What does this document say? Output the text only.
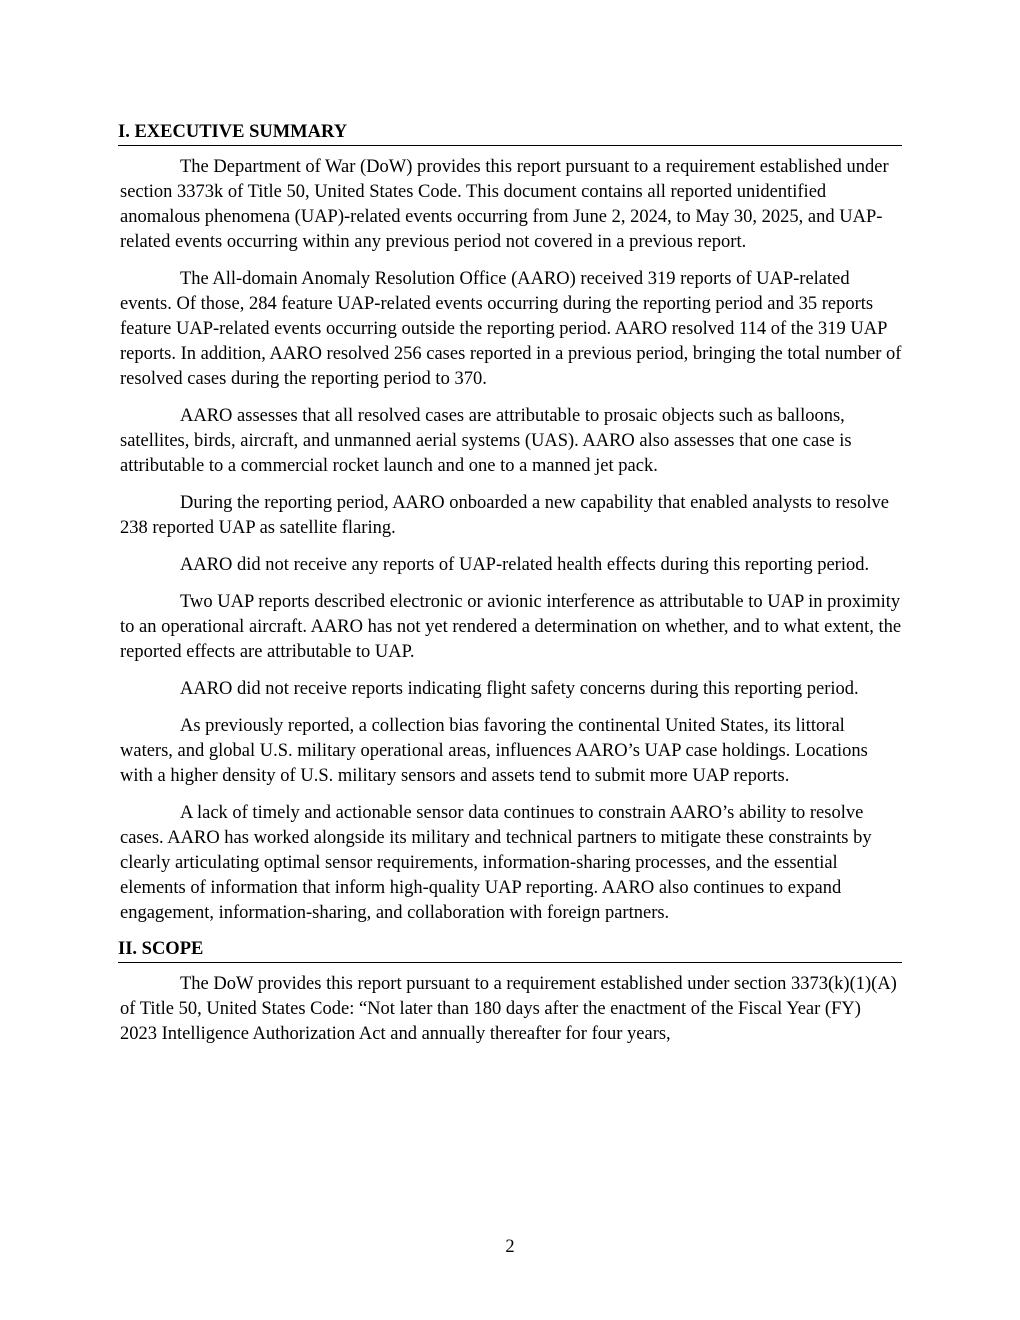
I. EXECUTIVE SUMMARY

The Department of War (DoW) provides this report pursuant to a requirement established under section 3373k of Title 50, United States Code. This document contains all reported unidentified anomalous phenomena (UAP)-related events occurring from June 2, 2024, to May 30, 2025, and UAP-related events occurring within any previous period not covered in a previous report.

The All-domain Anomaly Resolution Office (AARO) received 319 reports of UAP-related events. Of those, 284 feature UAP-related events occurring during the reporting period and 35 reports feature UAP-related events occurring outside the reporting period. AARO resolved 114 of the 319 UAP reports. In addition, AARO resolved 256 cases reported in a previous period, bringing the total number of resolved cases during the reporting period to 370.

AARO assesses that all resolved cases are attributable to prosaic objects such as balloons, satellites, birds, aircraft, and unmanned aerial systems (UAS). AARO also assesses that one case is attributable to a commercial rocket launch and one to a manned jet pack.

During the reporting period, AARO onboarded a new capability that enabled analysts to resolve 238 reported UAP as satellite flaring.

AARO did not receive any reports of UAP-related health effects during this reporting period.

Two UAP reports described electronic or avionic interference as attributable to UAP in proximity to an operational aircraft. AARO has not yet rendered a determination on whether, and to what extent, the reported effects are attributable to UAP.

AARO did not receive reports indicating flight safety concerns during this reporting period.

As previously reported, a collection bias favoring the continental United States, its littoral waters, and global U.S. military operational areas, influences AARO’s UAP case holdings. Locations with a higher density of U.S. military sensors and assets tend to submit more UAP reports.

A lack of timely and actionable sensor data continues to constrain AARO’s ability to resolve cases. AARO has worked alongside its military and technical partners to mitigate these constraints by clearly articulating optimal sensor requirements, information-sharing processes, and the essential elements of information that inform high-quality UAP reporting. AARO also continues to expand engagement, information-sharing, and collaboration with foreign partners.

II. SCOPE

The DoW provides this report pursuant to a requirement established under section 3373(k)(1)(A) of Title 50, United States Code: “Not later than 180 days after the enactment of the Fiscal Year (FY) 2023 Intelligence Authorization Act and annually thereafter for four years,

2
